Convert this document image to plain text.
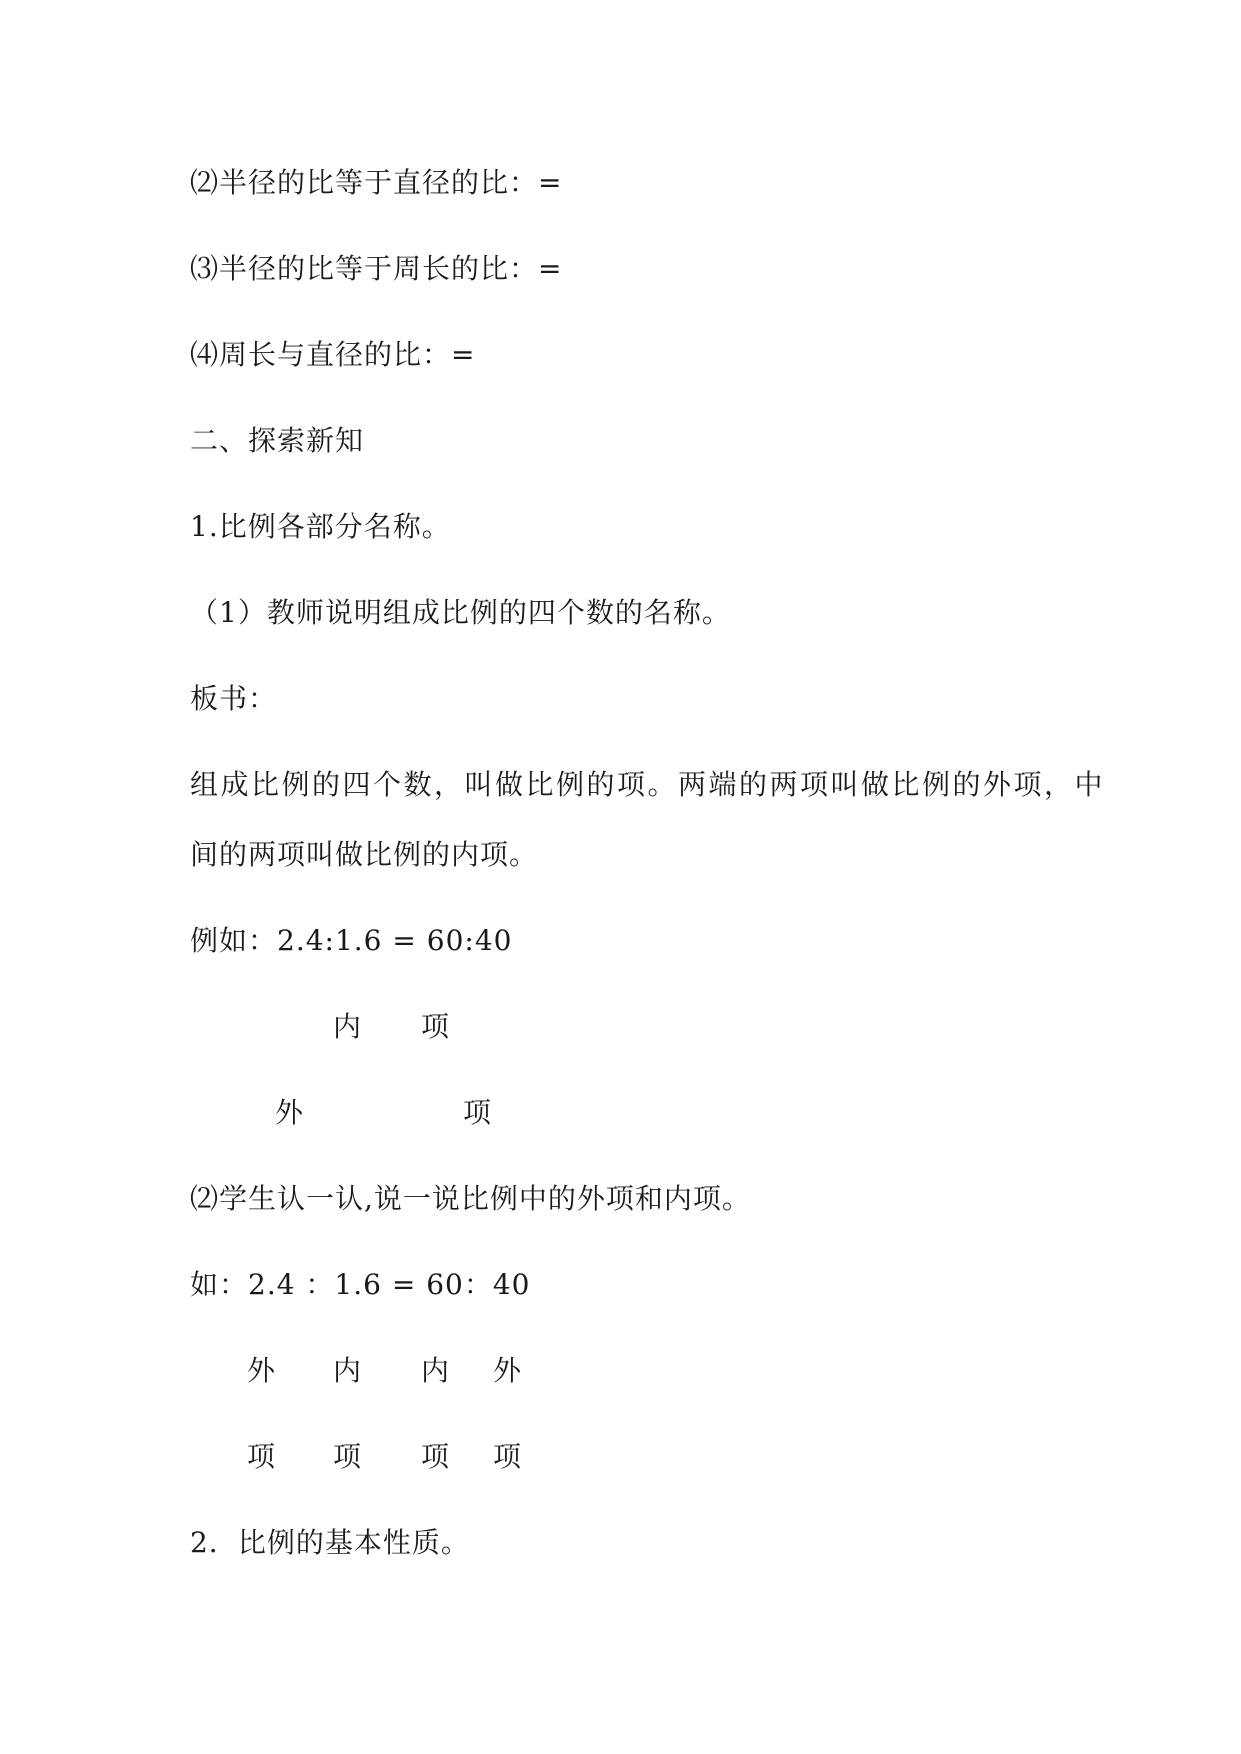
⑵半径的比等于直径的比：=
⑶半径的比等于周长的比：=
⑷周长与直径的比：=
二、探索新知
1.比例各部分名称。
（1）教师说明组成比例的四个数的名称。
板书：
组成比例的四个数，叫做比例的项。两端的两项叫做比例的外项，中
间的两项叫做比例的内项。
例如：2.4:1.6 = 60:40
内 项
外	项
⑵学生认一认,说一说比例中的外项和内项。
如：2.4 ：1.6 = 60：40
外 内 内 外
项 项 项 项
2．比例的基本性质。
